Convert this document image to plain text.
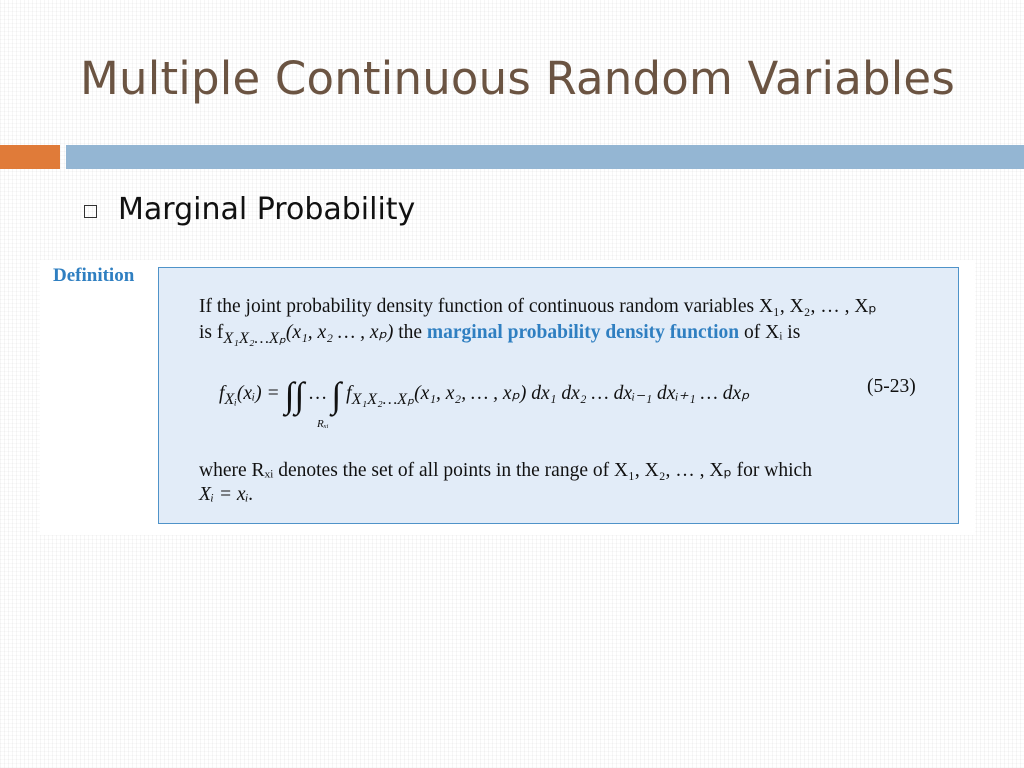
Multiple Continuous Random Variables
Marginal Probability
Definition
If the joint probability density function of continuous random variables X₁, X₂, … , Xₚ
is $f_{X_1X_2\dots X_p}(x_1$, x₂ … , xₚ) the marginal probability density function of Xᵢ is
$f_{Xᵢ}(xᵢ)$ = ∫∫ … ∫ $f_{X_1X_2\dots X_p}(x_1$, x₂, … , xₚ) dx₁ dx₂ … dxᵢ₋₁ dxᵢ₊₁ … dxₚ
Rₓᵢ
(5-23)
where Rₓᵢ denotes the set of all points in the range of X₁, X₂, … , Xₚ for which
Xᵢ = xᵢ.
